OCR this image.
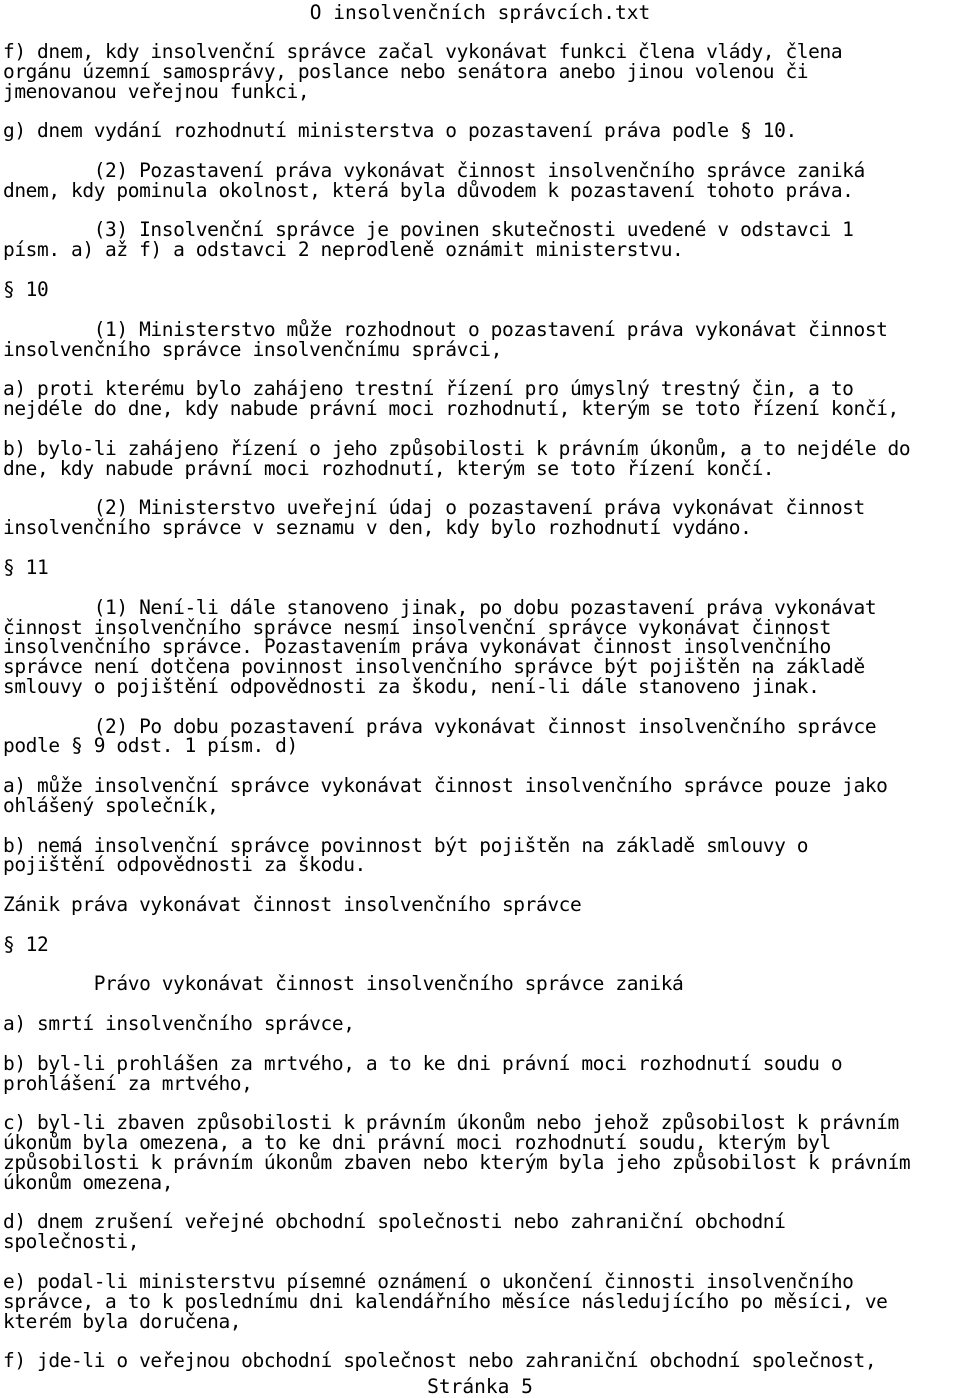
O insolvenčních správcích.txt
f) dnem, kdy insolvenční správce začal vykonávat funkci člena vlády, člena
orgánu územní samosprávy, poslance nebo senátora anebo jinou volenou či
jmenovanou veřejnou funkci,
g) dnem vydání rozhodnutí ministerstva o pozastavení práva podle § 10.
(2) Pozastavení práva vykonávat činnost insolvenčního správce zaniká
dnem, kdy pominula okolnost, která byla důvodem k pozastavení tohoto práva.
(3) Insolvenční správce je povinen skutečnosti uvedené v odstavci 1
písm. a) až f) a odstavci 2 neprodleně oznámit ministerstvu.
§ 10
(1) Ministerstvo může rozhodnout o pozastavení práva vykonávat činnost
insolvenčního správce insolvenčnímu správci,
a) proti kterému bylo zahájeno trestní řízení pro úmyslný trestný čin, a to
nejdéle do dne, kdy nabude právní moci rozhodnutí, kterým se toto řízení končí,
b) bylo-li zahájeno řízení o jeho způsobilosti k právním úkonům, a to nejdéle do
dne, kdy nabude právní moci rozhodnutí, kterým se toto řízení končí.
(2) Ministerstvo uveřejní údaj o pozastavení práva vykonávat činnost
insolvenčního správce v seznamu v den, kdy bylo rozhodnutí vydáno.
§ 11
(1) Není-li dále stanoveno jinak, po dobu pozastavení práva vykonávat
činnost insolvenčního správce nesmí insolvenční správce vykonávat činnost
insolvenčního správce. Pozastavením práva vykonávat činnost insolvenčního
správce není dotčena povinnost insolvenčního správce být pojištěn na základě
smlouvy o pojištění odpovědnosti za škodu, není-li dále stanoveno jinak.
(2) Po dobu pozastavení práva vykonávat činnost insolvenčního správce
podle § 9 odst. 1 písm. d)
a) může insolvenční správce vykonávat činnost insolvenčního správce pouze jako
ohlášený společník,
b) nemá insolvenční správce povinnost být pojištěn na základě smlouvy o
pojištění odpovědnosti za škodu.
Zánik práva vykonávat činnost insolvenčního správce
§ 12
Právo vykonávat činnost insolvenčního správce zaniká
a) smrtí insolvenčního správce,
b) byl-li prohlášen za mrtvého, a to ke dni právní moci rozhodnutí soudu o
prohlášení za mrtvého,
c) byl-li zbaven způsobilosti k právním úkonům nebo jehož způsobilost k právním
úkonům byla omezena, a to ke dni právní moci rozhodnutí soudu, kterým byl
způsobilosti k právním úkonům zbaven nebo kterým byla jeho způsobilost k právním
úkonům omezena,
d) dnem zrušení veřejné obchodní společnosti nebo zahraniční obchodní
společnosti,
e) podal-li ministerstvu písemné oznámení o ukončení činnosti insolvenčního
správce, a to k poslednímu dni kalendářního měsíce následujícího po měsíci, ve
kterém byla doručena,
f) jde-li o veřejnou obchodní společnost nebo zahraniční obchodní společnost,
Stránka 5
